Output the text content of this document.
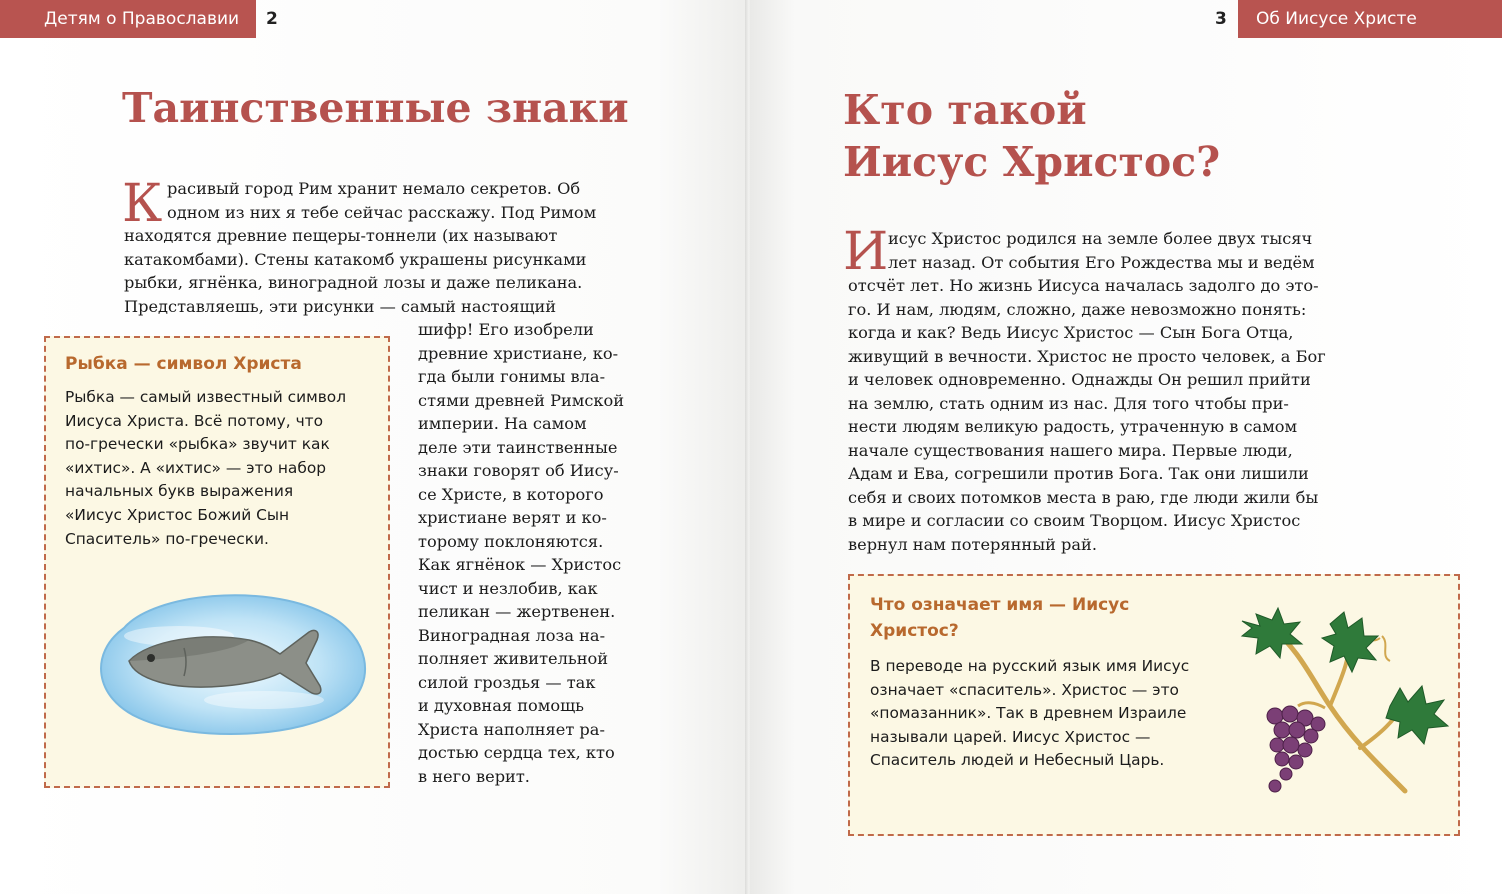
Детям о Православии 2
Таинственные знаки
К расивый город Рим хранит немало секретов. Об

одном из них я тебе сейчас расскажу. Под Римом

находятся древние пещеры-тоннели (их называют

катакомбами). Стены катакомб украшены рисунками

рыбки, ягнёнка, виноградной лозы и даже пеликана.

Представляешь, эти рисунки — самый настоящий

шифр! Его изобрели

древние христиане, ко-

гда были гонимы вла-

стями древней Римской

империи. На самом

деле эти таинственные

знаки говорят об Иису-

се Христе, в которого

христиане верят и ко-

торому поклоняются.

Как ягнёнок — Христос

чист и незлобив, как

пеликан — жертвенен.

Виноградная лоза на-

полняет живительной

силой гроздья — так

и духовная помощь

Христа наполняет ра-

достью сердца тех, кто

в него верит.

Рыбка — символ Христа

Рыбка — самый известный символ

Иисуса Христа. Всё потому, что

по-гречески «рыбка» звучит как

«ихтис». А «ихтис» — это набор

начальных букв выражения

«Иисус Христос Божий Сын

Спаситель» по-гречески.

3 Об Иисусе Христе
Кто такой
Иисус Христос?
И исус Христос родился на земле более двух тысяч

лет назад. От события Его Рождества мы и ведём

отсчёт лет. Но жизнь Иисуса началась задолго до это-

го. И нам, людям, сложно, даже невозможно понять:

когда и как? Ведь Иисус Христос — Сын Бога Отца,

живущий в вечности. Христос не просто человек, а Бог

и человек одновременно. Однажды Он решил прийти

на землю, стать одним из нас. Для того чтобы при-

нести людям великую радость, утраченную в самом

начале существования нашего мира. Первые люди,

Адам и Ева, согрешили против Бога. Так они лишили

себя и своих потомков места в раю, где люди жили бы

в мире и согласии со своим Творцом. Иисус Христос

вернул нам потерянный рай.

Что означает имя — Иисус
Христос?

В переводе на русский язык имя Иисус

означает «спаситель». Христос — это

«помазанник». Так в древнем Израиле

называли царей. Иисус Христос —

Спаситель людей и Небесный Царь.
